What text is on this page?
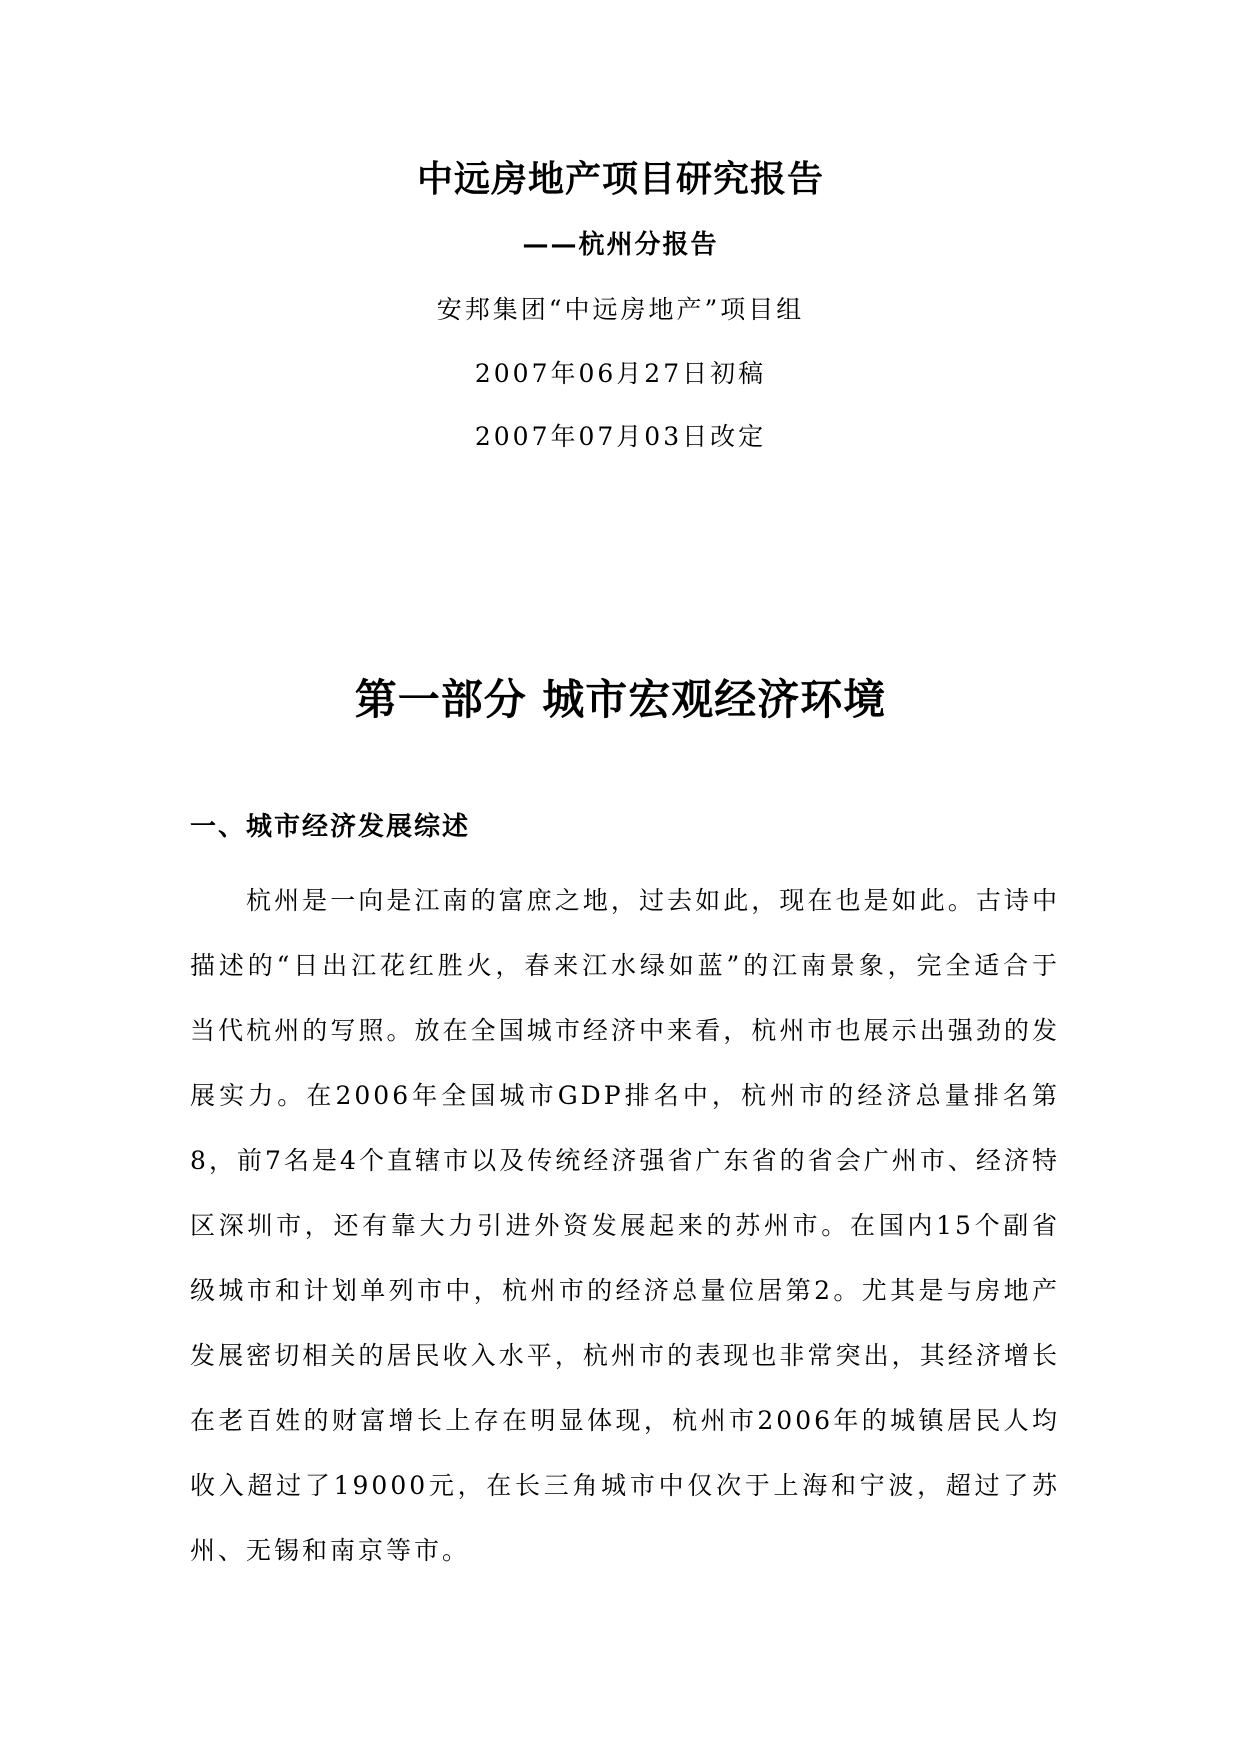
中远房地产项目研究报告
——杭州分报告
安邦集团“中远房地产”项目组
2007年06月27日初稿
2007年07月03日改定
第一部分 城市宏观经济环境
一、城市经济发展综述
杭州是一向是江南的富庶之地，过去如此，现在也是如此。古诗中描述的“日出江花红胜火，春来江水绿如蓝”的江南景象，完全适合于当代杭州的写照。放在全国城市经济中来看，杭州市也展示出强劲的发展实力。在2006年全国城市GDP排名中，杭州市的经济总量排名第8，前7名是4个直辖市以及传统经济强省广东省的省会广州市、经济特区深圳市，还有靠大力引进外资发展起来的苏州市。在国内15个副省级城市和计划单列市中，杭州市的经济总量位居第2。尤其是与房地产发展密切相关的居民收入水平，杭州市的表现也非常突出，其经济增长在老百姓的财富增长上存在明显体现，杭州市2006年的城镇居民人均收入超过了19000元，在长三角城市中仅次于上海和宁波，超过了苏州、无锡和南京等市。
